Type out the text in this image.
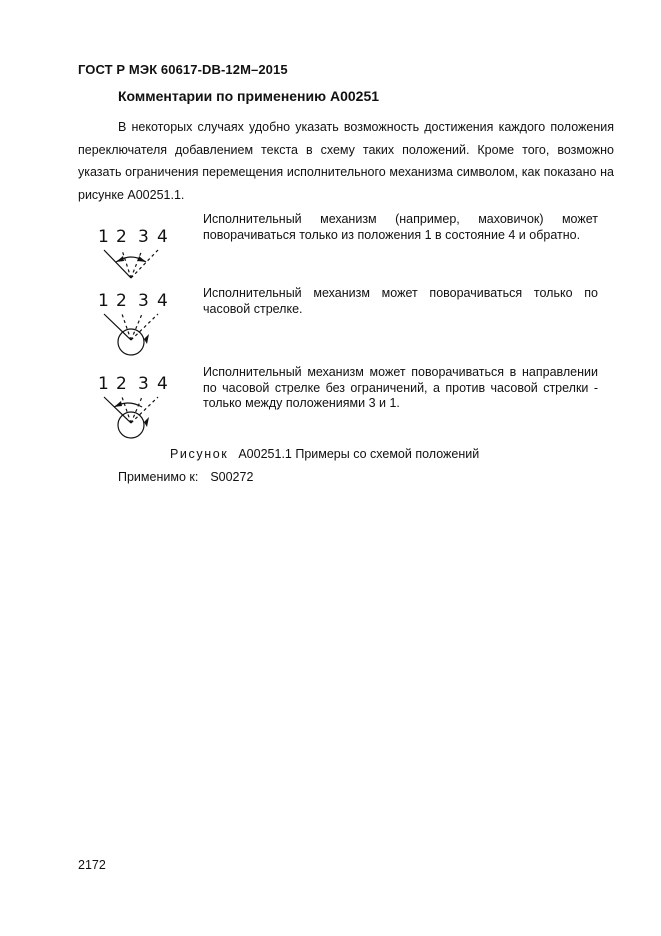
ГОСТ Р МЭК 60617-DB-12M–2015
Комментарии по применению A00251

В некоторых случаях удобно указать возможность достижения каждого положения переключателя добавлением текста в схему таких положений. Кроме того, возможно указать ограничения перемещения исполнительного механизма символом, как показано на рисунке A00251.1.

1 2 3 4

Исполнительный механизм (например, маховичок) может поворачиваться только из положения 1 в состояние 4 и обратно.

1 2 3 4	Исполнительный механизм может поворачиваться только по часовой стрелке.

1 2 3 4

Исполнительный механизм может поворачиваться в направлении по часовой стрелке без ограничений, а против часовой стрелки - только между положениями 3 и 1.

Рисунок A00251.1 Примеры со схемой положений
Применимо к: S00272
2172
